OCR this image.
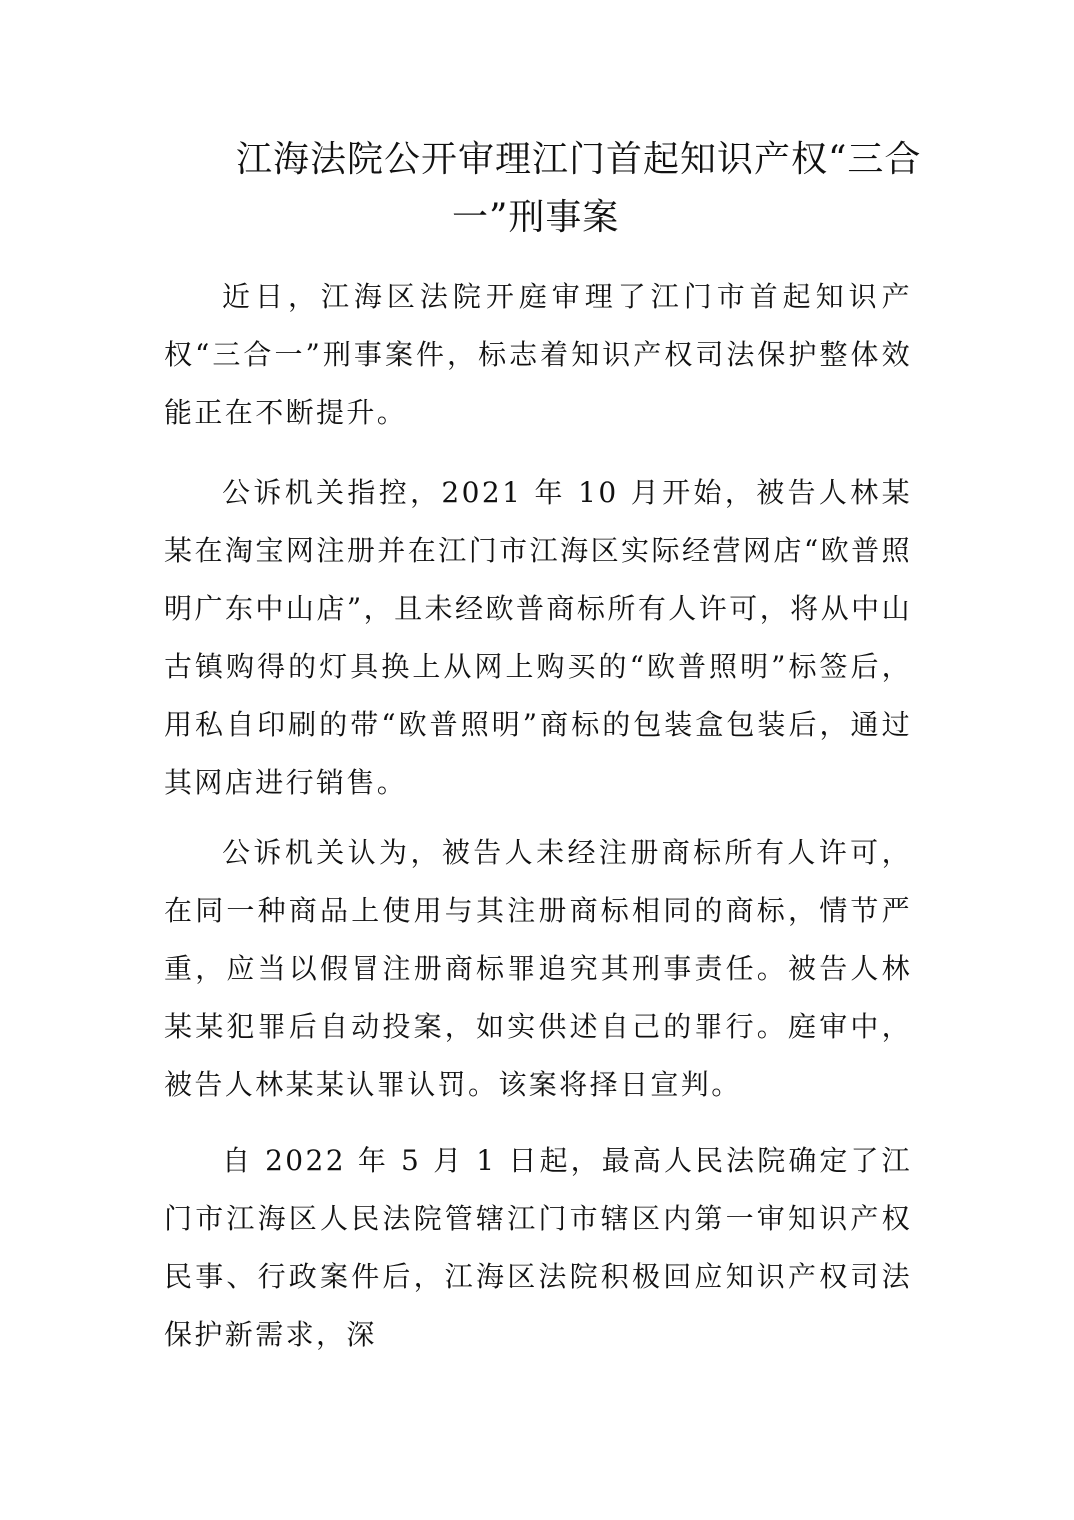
江海法院公开审理江门首起知识产权“三合
一”刑事案

近日，江海区法院开庭审理了江门市首起知识产权“三合一”刑事案件，标志着知识产权司法保护整体效能正在不断提升。

公诉机关指控，2021 年 10 月开始，被告人林某某在淘宝网注册并在江门市江海区实际经营网店“欧普照明广东中山店”，且未经欧普商标所有人许可，将从中山古镇购得的灯具换上从网上购买的“欧普照明”标签后，用私自印刷的带“欧普照明”商标的包装盒包装后，通过其网店进行销售。

公诉机关认为，被告人未经注册商标所有人许可，在同一种商品上使用与其注册商标相同的商标，情节严重，应当以假冒注册商标罪追究其刑事责任。被告人林某某犯罪后自动投案，如实供述自己的罪行。庭审中，被告人林某某认罪认罚。该案将择日宣判。

自 2022 年 5 月 1 日起，最高人民法院确定了江门市江海区人民法院管辖江门市辖区内第一审知识产权民事、行政案件后，江海区法院积极回应知识产权司法保护新需求，深
